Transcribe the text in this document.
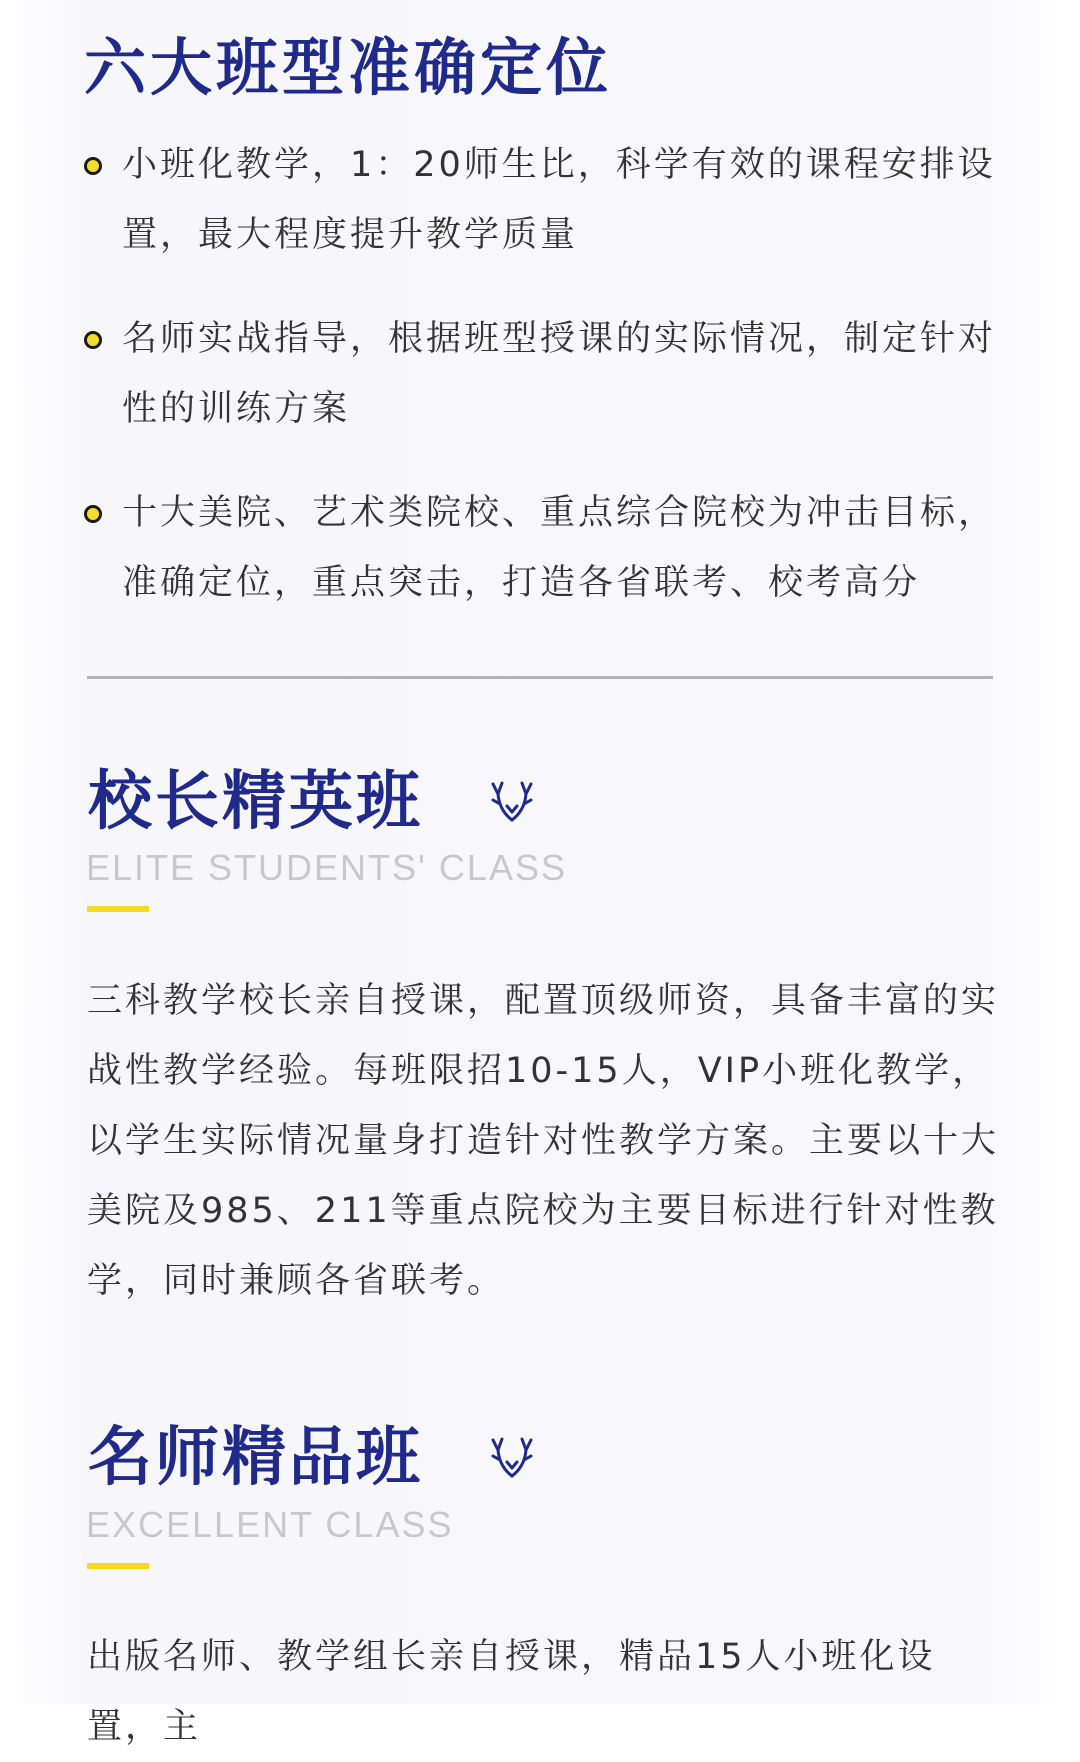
六大班型准确定位
小班化教学，1：20师生比，科学有效的课程安排设置，最大程度提升教学质量
名师实战指导，根据班型授课的实际情况，制定针对性的训练方案
十大美院、艺术类院校、重点综合院校为冲击目标，准确定位，重点突击，打造各省联考、校考高分
校长精英班
ELITE STUDENTS' CLASS

三科教学校长亲自授课，配置顶级师资，具备丰富的实战性教学经验。每班限招10-15人，VIP小班化教学，以学生实际情况量身打造针对性教学方案。主要以十大美院及985、211等重点院校为主要目标进行针对性教学，同时兼顾各省联考。

名师精品班
EXCELLENT CLASS

出版名师、教学组长亲自授课，精品15人小班化设置，主
